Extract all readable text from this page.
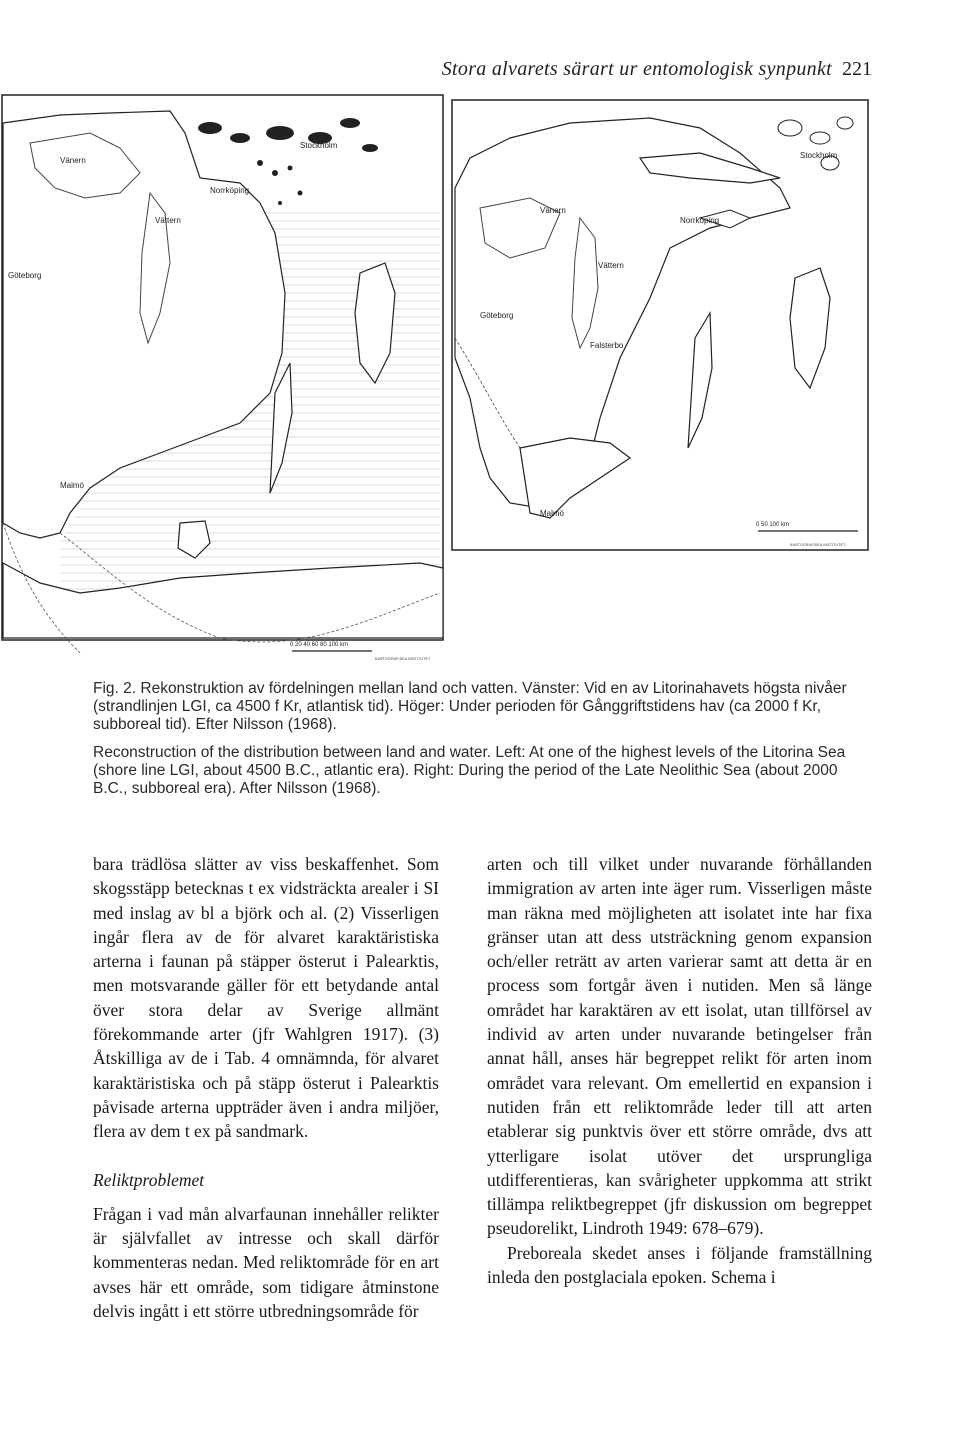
Stora alvarets särart ur entomologisk synpunkt 221
Vänern
Vättern
Göteborg
Norrköping
Stockholm
Malmö
0 20 40 60 80 100 km
KARTOGRAFISKA INSTITUTET
Vänern
Vättern
Göteborg
Norrköping
Stockholm
Falsterbo
Malmö
0 50 100 km
KARTOGRAFISKA INSTITUTET
Fig. 2. Rekonstruktion av fördelningen mellan land och vatten. Vänster: Vid en av Litorinahavets högsta nivåer (strandlinjen LGI, ca 4500 f Kr, atlantisk tid). Höger: Under perioden för Gånggriftstidens hav (ca 2000 f Kr, subboreal tid). Efter Nilsson (1968).
Reconstruction of the distribution between land and water. Left: At one of the highest levels of the Litorina Sea (shore line LGI, about 4500 B.C., atlantic era). Right: During the period of the Late Neolithic Sea (about 2000 B.C., subboreal era). After Nilsson (1968).

bara trädlösa slätter av viss beskaffenhet. Som skogsstäpp betecknas t ex vidsträckta arealer i SI med inslag av bl a björk och al. (2) Visserligen ingår flera av de för alvaret karaktäristiska arterna i faunan på stäpper österut i Palearktis, men motsvarande gäller för ett betydande antal över stora delar av Sverige allmänt förekommande arter (jfr Wahlgren 1917). (3) Åtskilliga av de i Tab. 4 omnämnda, för alvaret karaktäristiska och på stäpp österut i Palearktis påvisade arterna uppträder även i andra miljöer, flera av dem t ex på sandmark.

Reliktproblemet

Frågan i vad mån alvarfaunan innehåller relikter är självfallet av intresse och skall därför kommenteras nedan. Med reliktområde för en art avses här ett område, som tidigare åtminstone delvis ingått i ett större utbredningsområde för

arten och till vilket under nuvarande förhållanden immigration av arten inte äger rum. Visserligen måste man räkna med möjligheten att isolatet inte har fixa gränser utan att dess utsträckning genom expansion och/eller reträtt av arten varierar samt att detta är en process som fortgår även i nutiden. Men så länge området har karaktären av ett isolat, utan tillförsel av individ av arten under nuvarande betingelser från annat håll, anses här begreppet relikt för arten inom området vara relevant. Om emellertid en expansion i nutiden från ett reliktområde leder till att arten etablerar sig punktvis över ett större område, dvs att ytterligare isolat utöver det ursprungliga utdifferentieras, kan svårigheter uppkomma att strikt tillämpa reliktbegreppet (jfr diskussion om begreppet pseudorelikt, Lindroth 1949: 678–679).

Preboreala skedet anses i följande framställning inleda den postglaciala epoken. Schema i
